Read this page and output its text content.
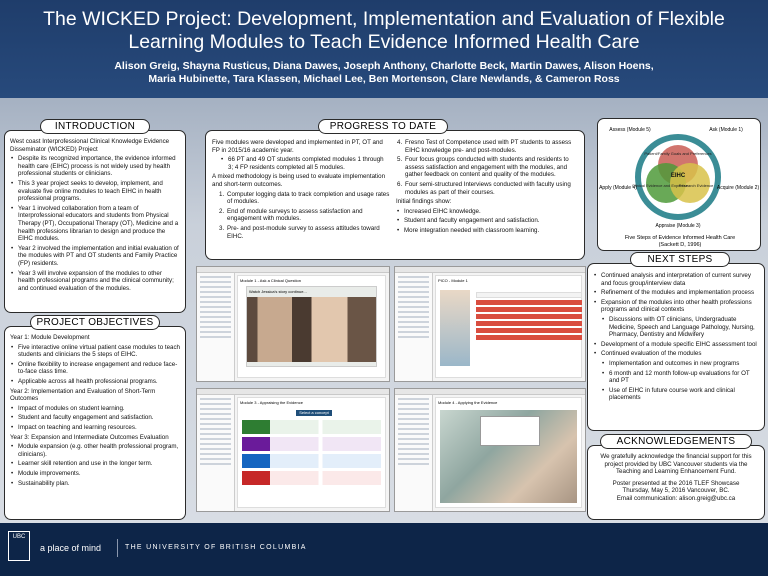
The WICKED Project: Development, Implementation and Evaluation of Flexible
Learning Modules to Teach Evidence Informed Health Care
Alison Greig, Shayna Rusticus, Diana Dawes, Joseph Anthony, Charlotte Beck, Martin Dawes, Alison Hoens,
Maria Hubinette, Tara Klassen, Michael Lee, Ben Mortenson, Clare Newlands, & Cameron Ross
INTRODUCTION

West coast Interprofessional Clinical Knowledge Evidence Disseminator (WICKED) Project

• Despite its recognized importance, the evidence informed health care (EIHC) process is not widely used by health professional students or clinicians.
• This 3 year project seeks to develop, implement, and evaluate five online modules to teach EIHC in health professional programs.
• Year 1 involved collaboration from a team of Interprofessional educators and students from Physical Therapy (PT), Occupational Therapy (OT), Medicine and a health professions librarian to design and produce the EIHC modules.
• Year 2 involved the implementation and initial evaluation of the modules with PT and OT students and Family Practice (FP) residents.
• Year 3 will involve expansion of the modules to other health professional programs and the clinical community; and continued evaluation of the modules.
PROJECT OBJECTIVES

Year 1: Module Development

• Five interactive online virtual patient case modules to teach students and clinicians the 5 steps of EIHC.
• Online flexibility to increase engagement and reduce face-to-face class time.
• Applicable across all health professional programs.

Year 2: Implementation and Evaluation of Short-Term Outcomes

• Impact of modules on student learning.
• Student and faculty engagement and satisfaction.
• Impact on teaching and learning resources.

Year 3: Expansion and Intermediate Outcomes Evaluation

• Module expansion (e.g. other health professional program, clinicians).
• Learner skill retention and use in the longer term.
• Module improvements.
• Sustainability plan.
PROGRESS TO DATE

Five modules were developed and implemented in PT, OT and FP in 2015/16 academic year.

• 66 PT and 49 OT students completed modules 1 through 3; 4 FP residents completed all 5 modules.

A mixed methodology is being used to evaluate implementation and short-term outcomes.

1. Computer logging data to track completion and usage rates of modules.
2. End of module surveys to assess satisfaction and engagement with modules.
3. Pre- and post-module survey to assess attitudes toward EIHC.
4. Fresno Test of Competence used with PT students to assess EIHC knowledge pre- and post-modules.
5. Four focus groups conducted with students and residents to assess satisfaction and engagement with the modules, and gather feedback on content and quality of the modules.
6. Four semi-structured Interviews conducted with faculty using modules as part of their courses.

Initial findings show:

• Increased EIHC knowledge.
• Student and faculty engagement and satisfaction.
• More integration needed with classroom learning.
Module 1 - Ask a Clinical Question
Watch Jessica's story continue...
PICO - Module 1
Module 3 - Appraising the Evidence
Select a concept
Module 4 - Applying the Evidence
Patient/Family Goals and Preferences
Clinical Evidence and Expertise
Research Evidence
EIHC
Assess (Module 5)	Ask (Module 1)
Acquire (Module 2)
Appraise (Module 3)
Apply (Module 4)
Five Steps of Evidence Informed Health Care
(Sackett D, 1996)
NEXT STEPS
• Continued analysis and interpretation of current survey and focus group/interview data
• Refinement of the modules and implementation process
• Expansion of the modules into other health professions programs and clinical contexts
• Discussions with OT clinicians, Undergraduate Medicine, Speech and Language Pathology, Nursing, Pharmacy, Dentistry and Midwifery
• Development of a module specific EIHC assessment tool
• Continued evaluation of the modules
• Implementation and outcomes in new programs
• 6 month and 12 month follow-up evaluations for OT and PT
• Use of EIHC in future course work and clinical placements
ACKNOWLEDGEMENTS

We gratefully acknowledge the financial support for this project provided by UBC Vancouver students via the Teaching and Learning Enhancement Fund.

Poster presented at the 2016 TLEF Showcase

Thursday, May 5, 2016 Vancouver, BC.

Email communication: alison.greig@ubc.ca

UBC
a place of mind	THE UNIVERSITY OF BRITISH COLUMBIA
